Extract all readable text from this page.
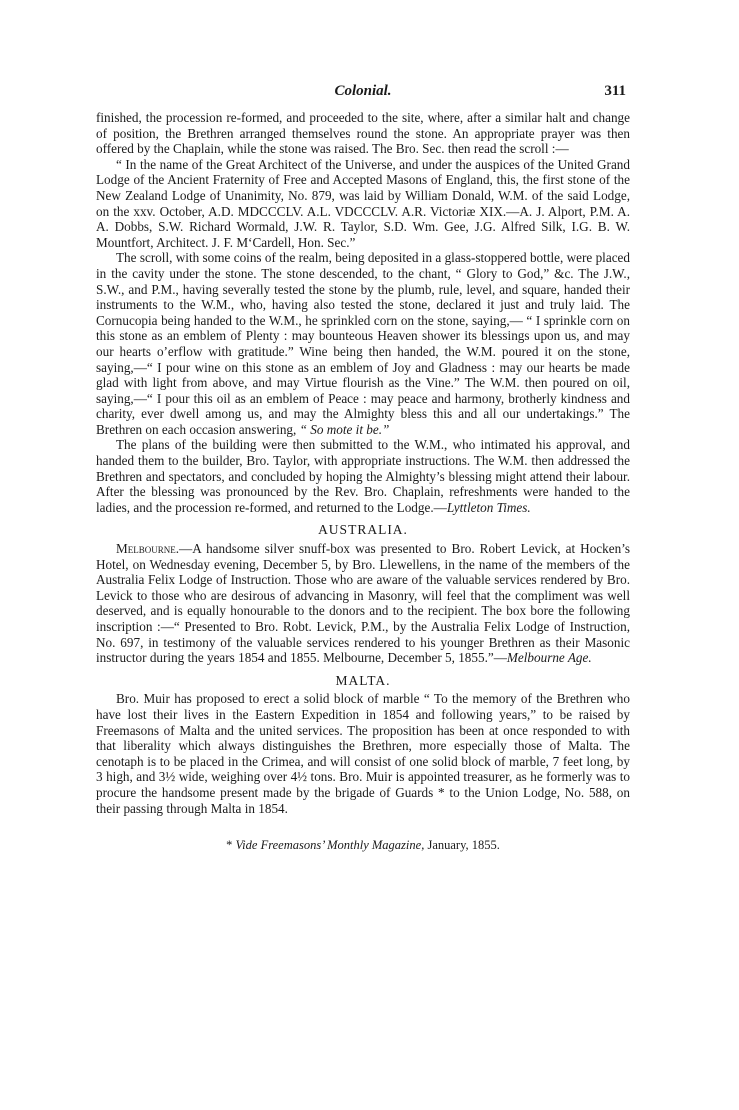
Colonial.	311

finished, the procession re-formed, and proceeded to the site, where, after a similar halt and change of position, the Brethren arranged themselves round the stone. An appropriate prayer was then offered by the Chaplain, while the stone was raised. The Bro. Sec. then read the scroll :—

“ In the name of the Great Architect of the Universe, and under the auspices of the United Grand Lodge of the Ancient Fraternity of Free and Accepted Masons of England, this, the first stone of the New Zealand Lodge of Unanimity, No. 879, was laid by William Donald, W.M. of the said Lodge, on the xxv. October, A.D. MDCCCLV. A.L. VDCCCLV. A.R. Victoriæ XIX.—A. J. Alport, P.M. A. A. Dobbs, S.W. Richard Wormald, J.W. R. Taylor, S.D. Wm. Gee, J.G. Alfred Silk, I.G. B. W. Mountfort, Architect. J. F. M‘Cardell, Hon. Sec.”

The scroll, with some coins of the realm, being deposited in a glass-stoppered bottle, were placed in the cavity under the stone. The stone descended, to the chant, “ Glory to God,” &c. The J.W., S.W., and P.M., having severally tested the stone by the plumb, rule, level, and square, handed their instruments to the W.M., who, having also tested the stone, declared it just and truly laid. The Cornucopia being handed to the W.M., he sprinkled corn on the stone, saying,— “ I sprinkle corn on this stone as an emblem of Plenty : may bounteous Heaven shower its blessings upon us, and may our hearts o’erflow with gratitude.” Wine being then handed, the W.M. poured it on the stone, saying,—“ I pour wine on this stone as an emblem of Joy and Gladness : may our hearts be made glad with light from above, and may Virtue flourish as the Vine.” The W.M. then poured on oil, saying,—“ I pour this oil as an emblem of Peace : may peace and harmony, brotherly kindness and charity, ever dwell among us, and may the Almighty bless this and all our undertakings.” The Brethren on each occasion answering, “ So mote it be.”

The plans of the building were then submitted to the W.M., who intimated his approval, and handed them to the builder, Bro. Taylor, with appropriate instructions. The W.M. then addressed the Brethren and spectators, and concluded by hoping the Almighty’s blessing might attend their labour. After the blessing was pronounced by the Rev. Bro. Chaplain, refreshments were handed to the ladies, and the procession re-formed, and returned to the Lodge.—Lyttleton Times.

AUSTRALIA.

Melbourne.—A handsome silver snuff-box was presented to Bro. Robert Levick, at Hocken’s Hotel, on Wednesday evening, December 5, by Bro. Llewellens, in the name of the members of the Australia Felix Lodge of Instruction. Those who are aware of the valuable services rendered by Bro. Levick to those who are desirous of advancing in Masonry, will feel that the compliment was well deserved, and is equally honourable to the donors and to the recipient. The box bore the following inscription :—“ Presented to Bro. Robt. Levick, P.M., by the Australia Felix Lodge of Instruction, No. 697, in testimony of the valuable services rendered to his younger Brethren as their Masonic instructor during the years 1854 and 1855. Melbourne, December 5, 1855.”—Melbourne Age.

MALTA.

Bro. Muir has proposed to erect a solid block of marble “ To the memory of the Brethren who have lost their lives in the Eastern Expedition in 1854 and following years,” to be raised by Freemasons of Malta and the united services. The proposition has been at once responded to with that liberality which always distinguishes the Brethren, more especially those of Malta. The cenotaph is to be placed in the Crimea, and will consist of one solid block of marble, 7 feet long, by 3 high, and 3½ wide, weighing over 4½ tons. Bro. Muir is appointed treasurer, as he formerly was to procure the handsome present made by the brigade of Guards * to the Union Lodge, No. 588, on their passing through Malta in 1854.

* Vide Freemasons’ Monthly Magazine, January, 1855.
